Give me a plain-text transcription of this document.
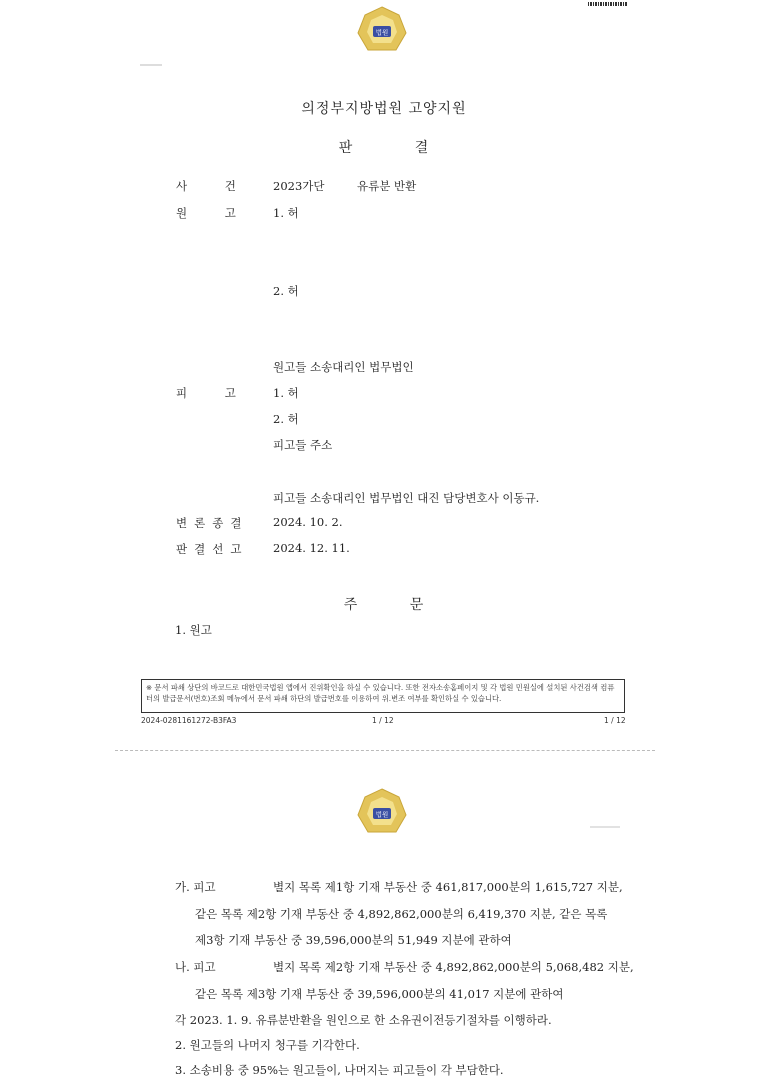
법원
의정부지방법원 고양지원
판 결
사 건	2023가단	유류분 반환
원 고	1. 허
2. 허
원고들 소송대리인 법무법인
피 고	1. 허
2. 허
피고들 주소
피고들 소송대리인 법무법인 대진 담당변호사 이동규.
변론종결 2024. 10. 2.
판결선고 2024. 12. 11.
주 문
1. 원고
※ 문서 파쇄 상단의 바코드로 대한민국법원 앱에서 진위확인을 하실 수 있습니다. 또한 전자소송홈페이지 및 각 법원 민원실에 설치된 사건검색 컴퓨터의 발급문서(번호)조회 메뉴에서 문서 파쇄 하단의 발급번호를 이용하여 위.변조 여부를 확인하실 수 있습니다.
2024-0281161272-B3FA3	1 / 12	1 / 12
법원
가. 피고	별지 목록 제1항 기재 부동산 중 461,817,000분의 1,615,727 지분,
같은 목록 제2항 기재 부동산 중 4,892,862,000분의 6,419,370 지분, 같은 목록
제3항 기재 부동산 중 39,596,000분의 51,949 지분에 관하여
나. 피고	별지 목록 제2항 기재 부동산 중 4,892,862,000분의 5,068,482 지분,
같은 목록 제3항 기재 부동산 중 39,596,000분의 41,017 지분에 관하여
각 2023. 1. 9. 유류분반환을 원인으로 한 소유권이전등기절차를 이행하라.
2. 원고들의 나머지 청구를 기각한다.
3. 소송비용 중 95%는 원고들이, 나머지는 피고들이 각 부담한다.
